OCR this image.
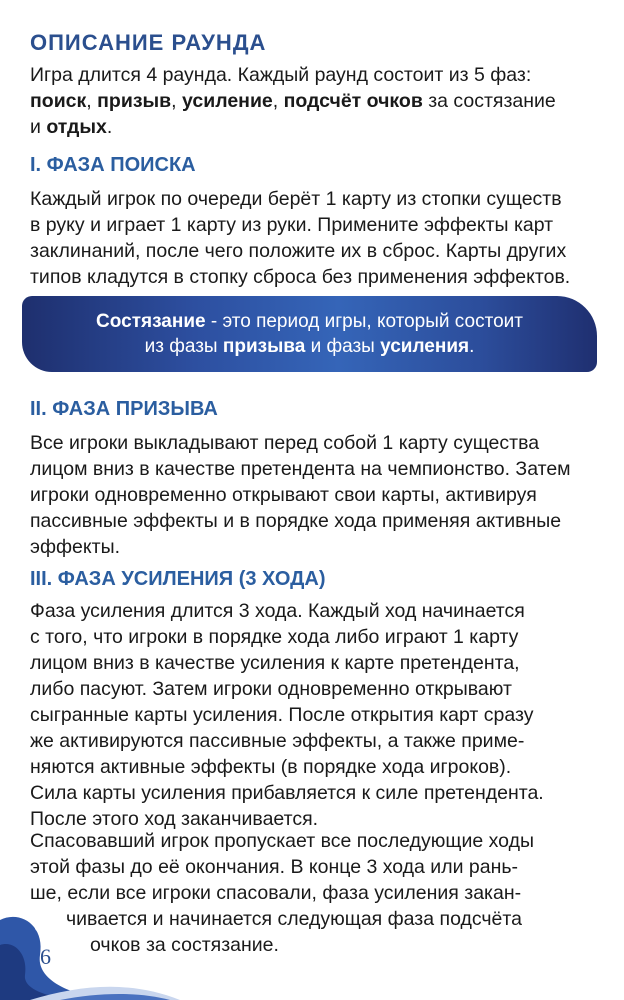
ОПИСАНИЕ РАУНДА

Игра длится 4 раунда. Каждый раунд состоит из 5 фаз:
поиск, призыв, усиление, подсчёт очков за состязание
и отдых.

I. ФАЗА ПОИСКА

Каждый игрок по очереди берёт 1 карту из стопки существ
в руку и играет 1 карту из руки. Примените эффекты карт
заклинаний, после чего положите их в сброс. Карты других
типов кладутся в стопку сброса без применения эффектов.

Состязание - это период игры, который состоит
из фазы призыва и фазы усиления.
II. ФАЗА ПРИЗЫВА

Все игроки выкладывают перед собой 1 карту существа
лицом вниз в качестве претендента на чемпионство. Затем
игроки одновременно открывают свои карты, активируя
пассивные эффекты и в порядке хода применяя активные
эффекты.

III. ФАЗА УСИЛЕНИЯ (3 ХОДА)

Фаза усиления длится 3 хода. Каждый ход начинается
с того, что игроки в порядке хода либо играют 1 карту
лицом вниз в качестве усиления к карте претендента,
либо пасуют. Затем игроки одновременно открывают
сыгранные карты усиления. После открытия карт сразу
же активируются пассивные эффекты, а также приме-
няются активные эффекты (в порядке хода игроков).
Сила карты усиления прибавляется к силе претендента.
После этого ход заканчивается.

Спасовавший игрок пропускает все последующие ходы
этой фазы до её окончания. В конце 3 хода или рань-
ше, если все игроки спасовали, фаза усиления закан-
чивается и начинается следующая фаза подсчёта
очков за состязание.

6
